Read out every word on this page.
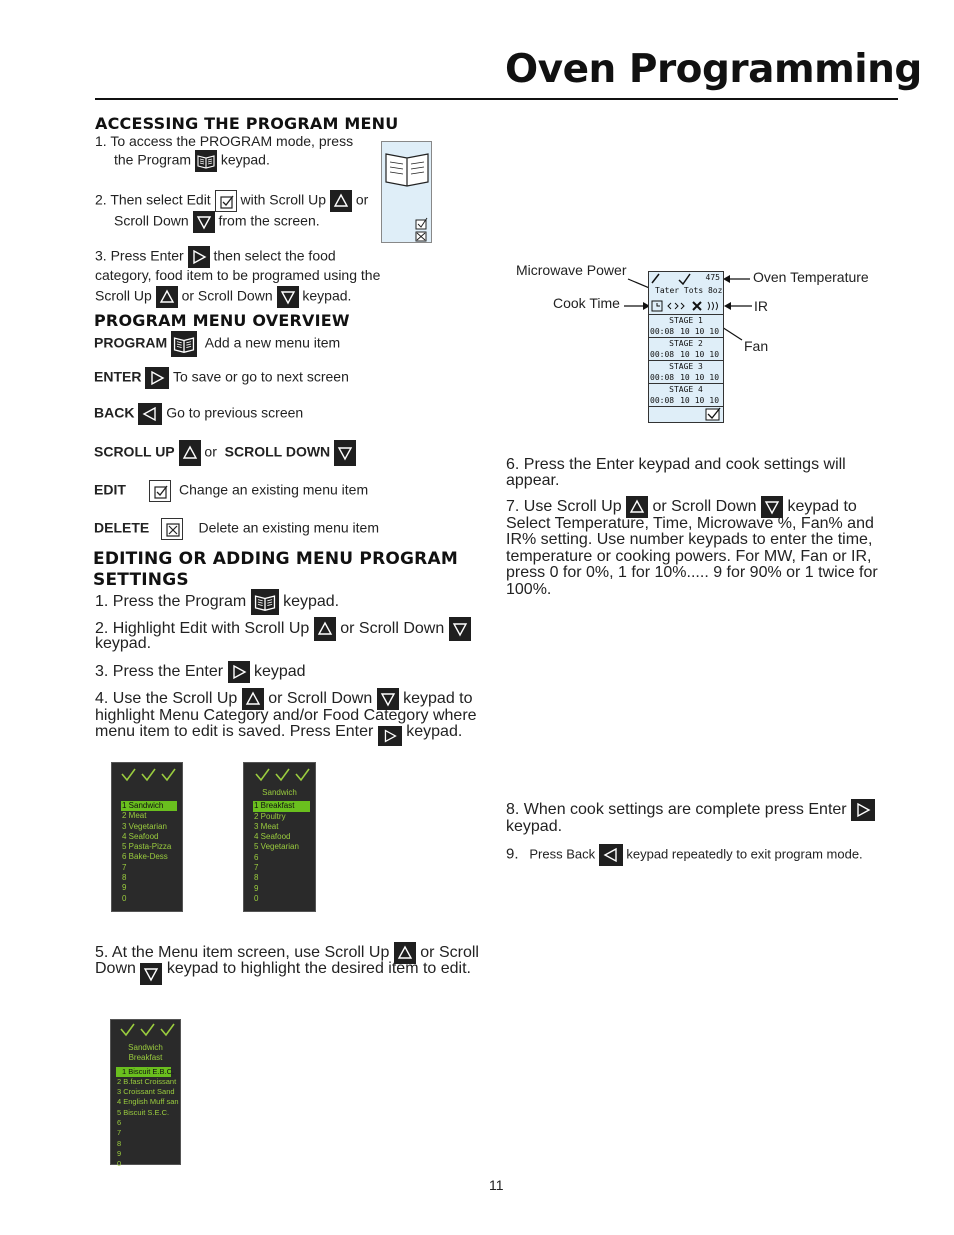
Oven Programming
ACCESSING THE PROGRAM MENU
1. To access the PROGRAM mode, press
the Program keypad.
2. Then select Edit with Scroll Up or
Scroll Down from the screen.
3. Press Enter then select the food
category, food item to be programed using the
Scroll Up or Scroll Down keypad.
PROGRAM MENU OVERVIEW
PROGRAM	Add a new menu item
ENTER To save or go to next screen
BACK Go to previous screen
SCROLL UP or SCROLL DOWN
EDIT	Change an existing menu item
DELETE	Delete an existing menu item
EDITING OR ADDING MENU PROGRAM
SETTINGS
1. Press the Program keypad.
2. Highlight Edit with Scroll Up or Scroll Down
keypad.
3. Press the Enter keypad
4. Use the Scroll Up or Scroll Down keypad to
highlight Menu Category and/or Food Category where
menu item to edit is saved. Press Enter keypad.
1 Sandwich
2 Meat
3 Vegetarian
4 Seafood
5 Pasta-Pizza
6 Bake-Dess
7
8
9
0
Sandwich
1 Breakfast
2 Poultry
3 Meat
4 Seafood
5 Vegetarian
6
7
8
9
0
Sandwich
Breakfast
1 Biscuit E.B.C.
2 B.fast Croissant
3 Croissant Sand
4 English Muff san
5 Biscuit S.E.C.
6
7
8
9
0
5. At the Menu item screen, use Scroll Up or Scroll
Down keypad to highlight the desired item to edit.
Microwave Power
Cook Time
Oven Temperature
IR
Fan
475
Tater Tots 8oz
STAGE 1
00:08 10 10 10
STAGE 2
00:08 10 10 10
STAGE 3
00:08 10 10 10
STAGE 4
00:08 10 10 10
6. Press the Enter keypad and cook settings will appear.
7. Use Scroll Up or Scroll Down keypad to
Select Temperature, Time, Microwave %, Fan% and
IR% setting. Use number keypads to enter the time,
temperature or cooking powers. For MW, Fan or IR,
press 0 for 0%, 1 for 10%..... 9 for 90% or 1 twice for
100%.
8. When cook settings are complete press Enter
keypad.
9. Press Back keypad repeatedly to exit program mode.
11
